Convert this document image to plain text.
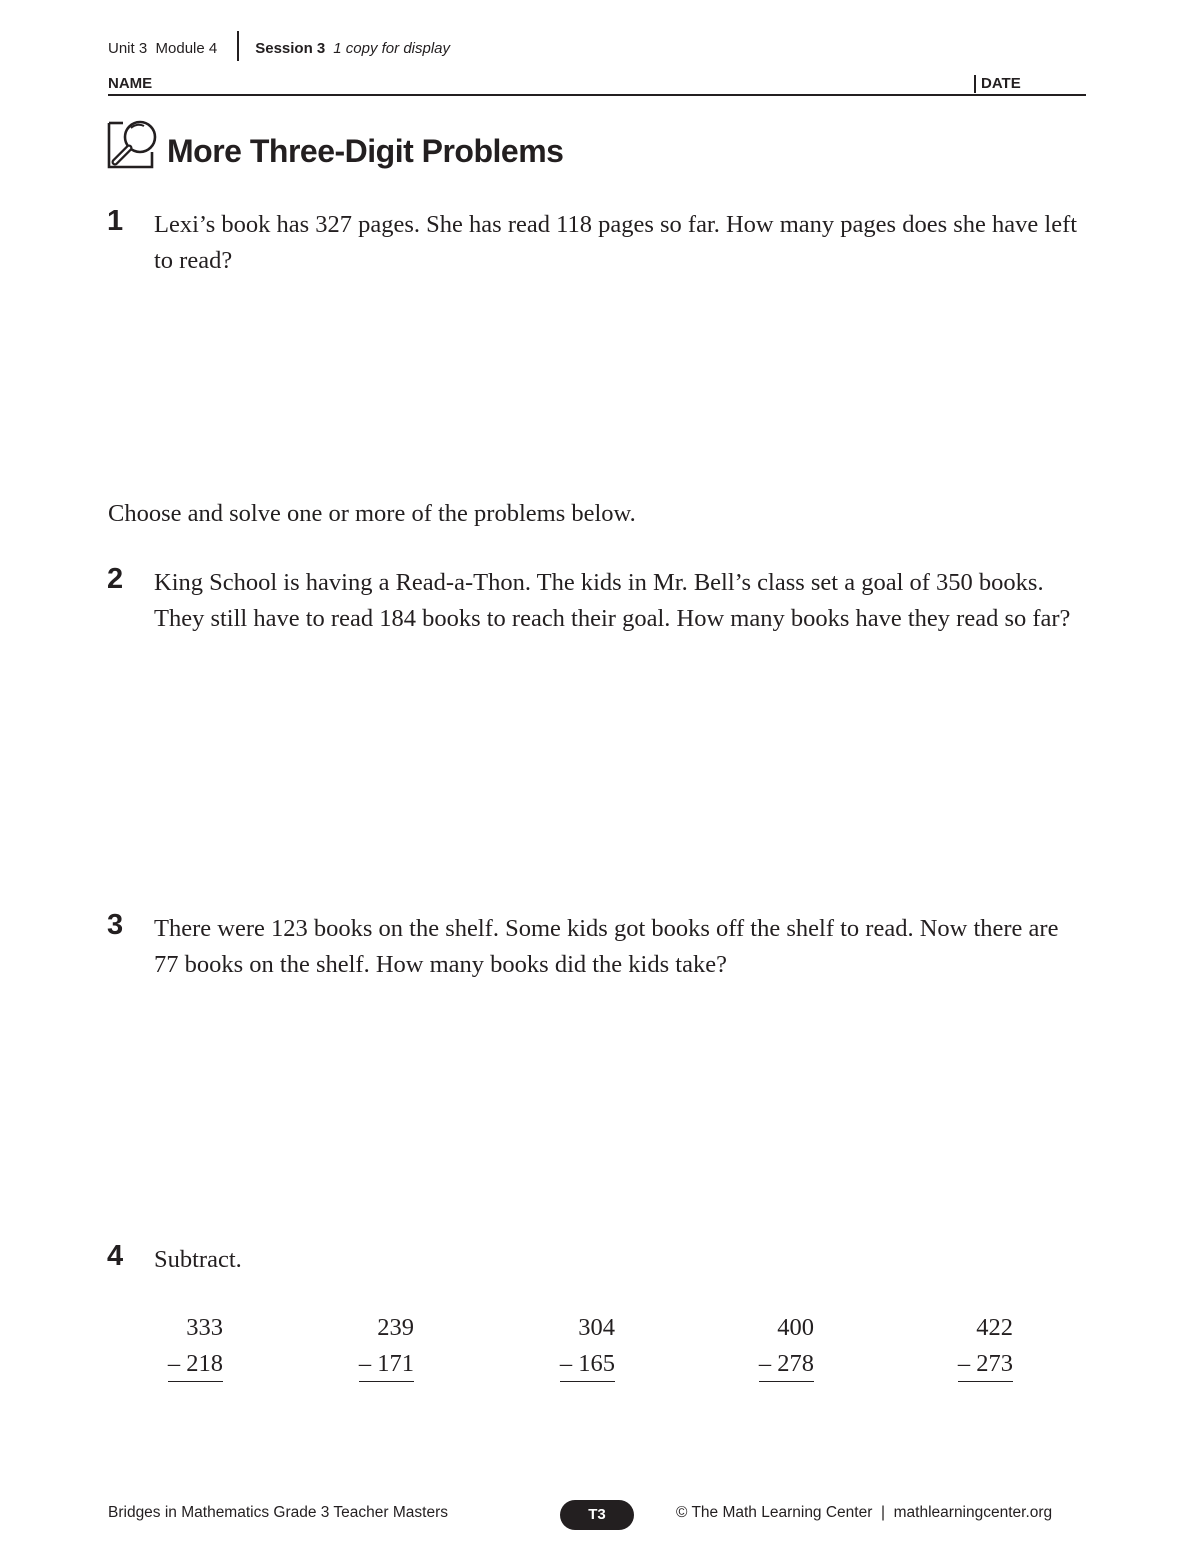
Unit 3  Module 4	Session 3 1 copy for display
NAME	DATE
More Three-Digit Problems
1 Lexi’s book has 327 pages. She has read 118 pages so far. How many pages does she have left to read?
Choose and solve one or more of the problems below.
2 King School is having a Read-a-Thon. The kids in Mr. Bell’s class set a goal of 350 books. They still have to read 184 books to reach their goal. How many books have they read so far?
3 There were 123 books on the shelf. Some kids got books off the shelf to read. Now there are 77 books on the shelf. How many books did the kids take?
4 Subtract.
333
– 218
239
– 171
304
– 165
400
– 278
422
– 273
Bridges in Mathematics Grade 3 Teacher Masters	T3	© The Math Learning Center  |  mathlearningcenter.org
